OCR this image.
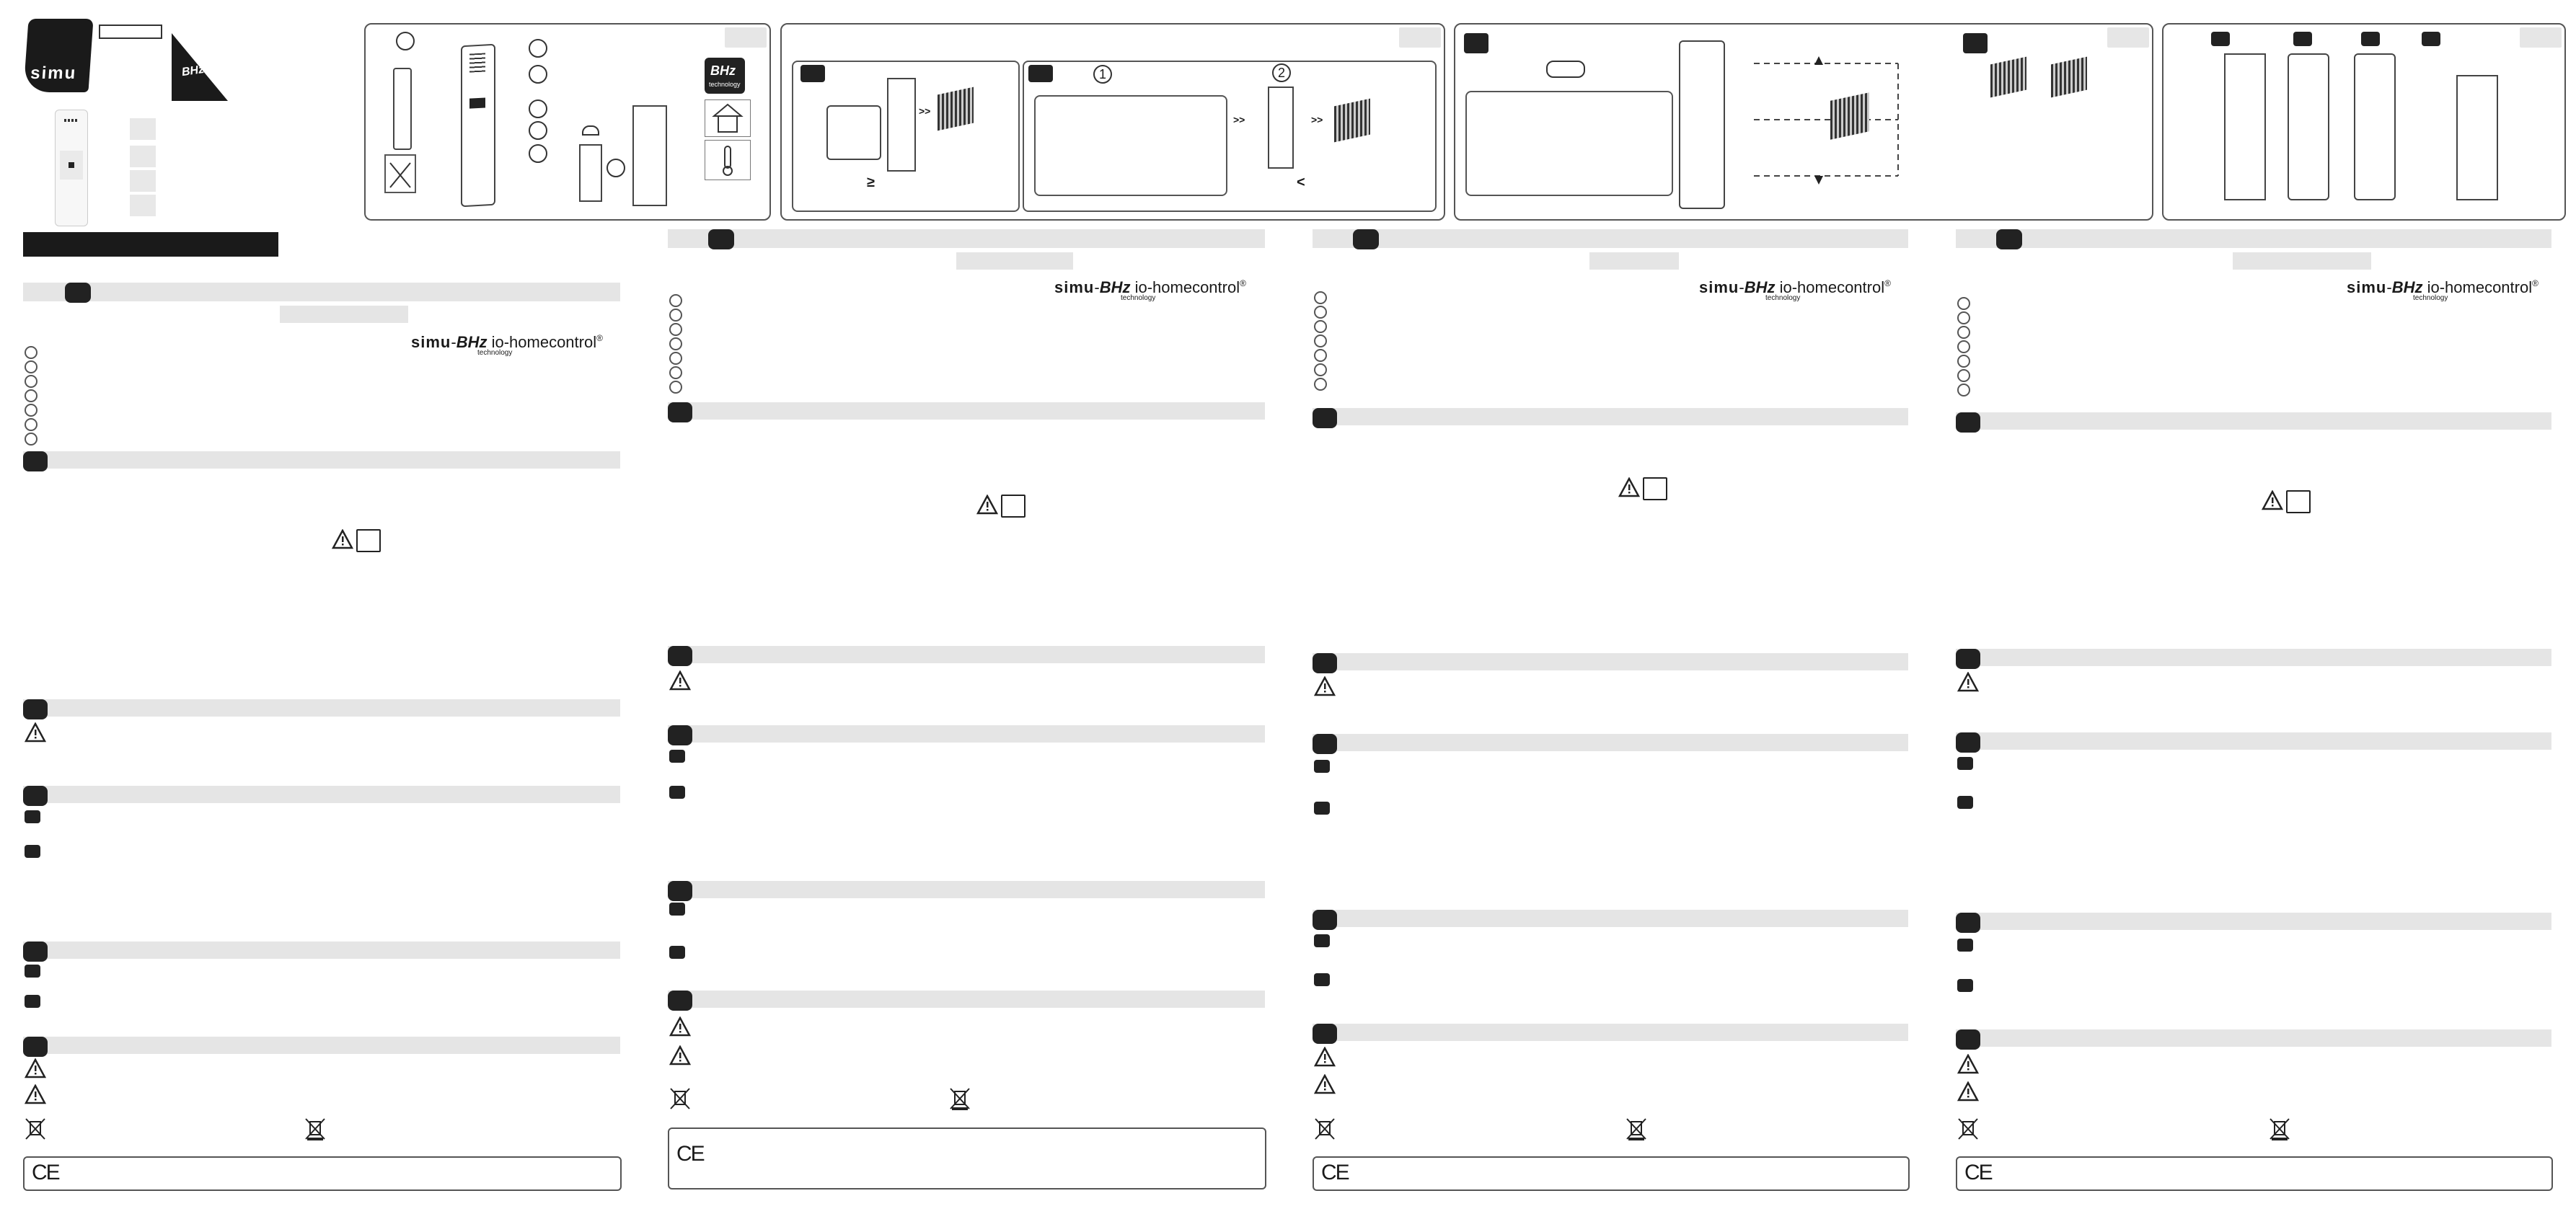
simu	BHz	BHz
technology
>>
≥
1	2
>>	>>
<
simu-BHz io-homecontrol®
technology
CE
simu-BHz io-homecontrol®
technology
CE
simu-BHz io-homecontrol®
technology
CE
simu-BHz io-homecontrol®
technology
CE
